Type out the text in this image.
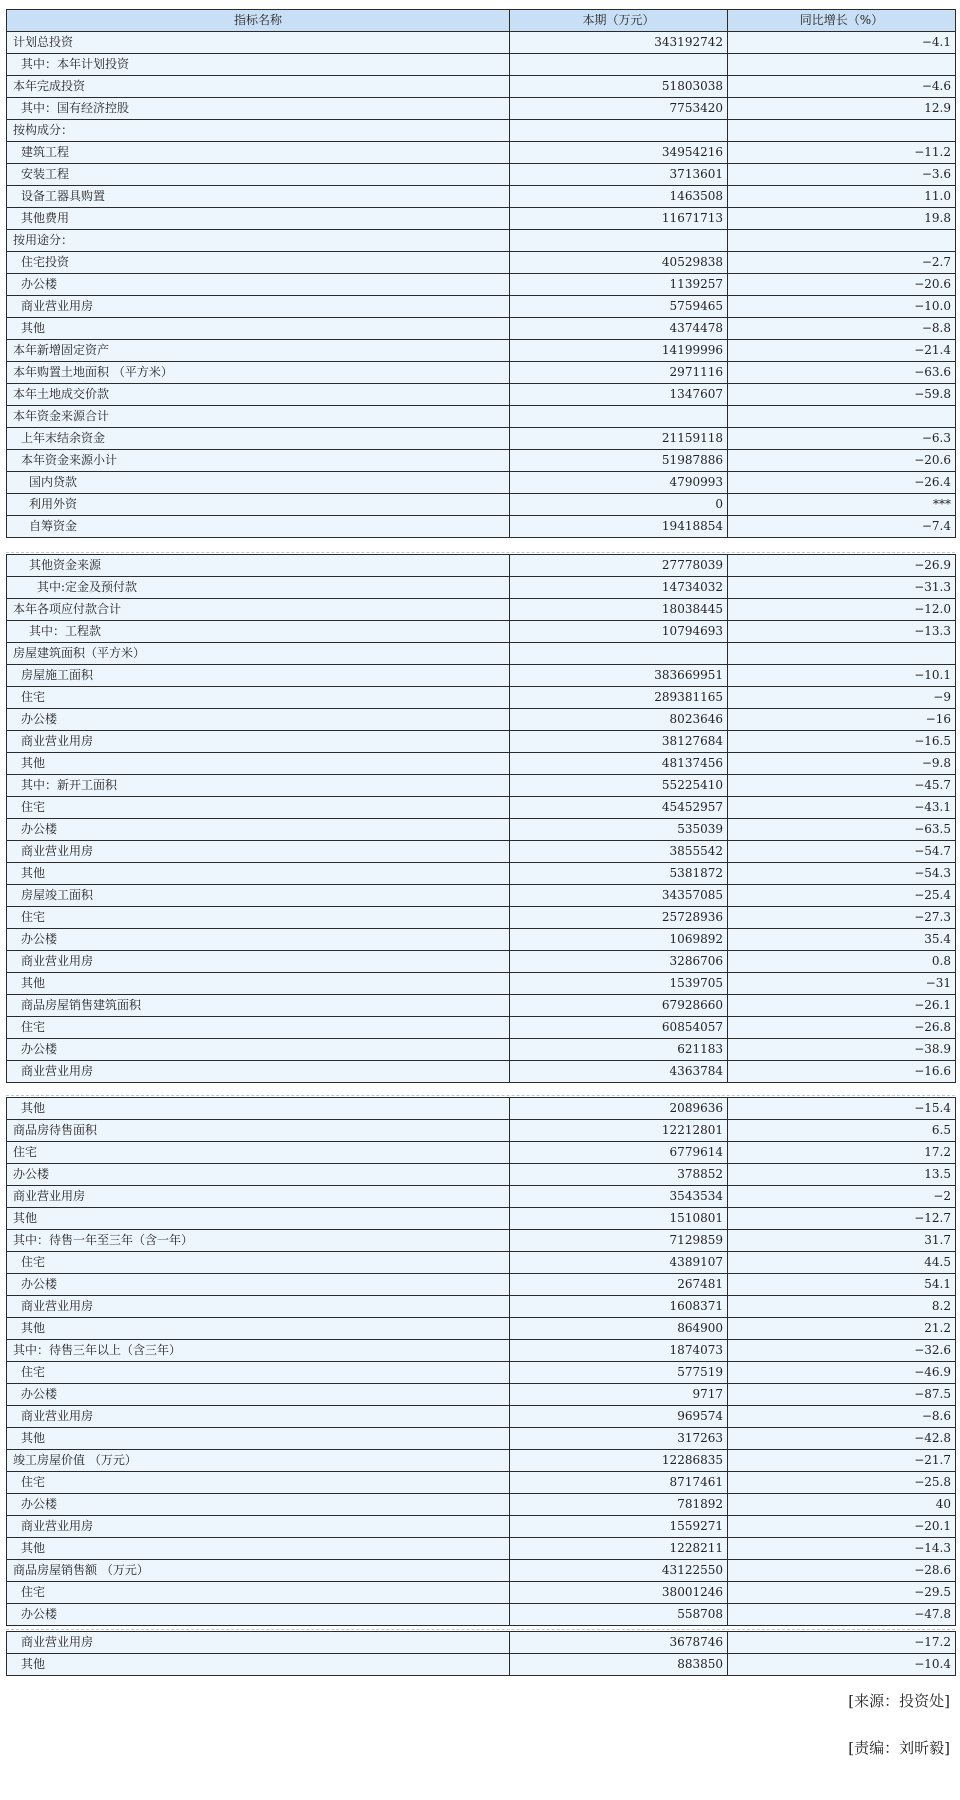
指标名称	本期（万元）	同比增长（%）
计划总投资	343192742	−4.1
其中：本年计划投资		
本年完成投资	51803038	−4.6
其中：国有经济控股	7753420	12.9
按构成分：		
建筑工程	34954216	−11.2
安装工程	3713601	−3.6
设备工器具购置	1463508	11.0
其他费用	11671713	19.8
按用途分：		
住宅投资	40529838	−2.7
办公楼	1139257	−20.6
商业营业用房	5759465	−10.0
其他	4374478	−8.8
本年新增固定资产	14199996	−21.4
本年购置土地面积 （平方米）	2971116	−63.6
本年土地成交价款	1347607	−59.8
本年资金来源合计		
上年末结余资金	21159118	−6.3
本年资金来源小计	51987886	−20.6
国内贷款	4790993	−26.4
利用外资	0	***
自筹资金	19418854	−7.4
其他资金来源	27778039	−26.9
其中:定金及预付款	14734032	−31.3
本年各项应付款合计	18038445	−12.0
其中：工程款	10794693	−13.3
房屋建筑面积（平方米）		
房屋施工面积	383669951	−10.1
住宅	289381165	−9
办公楼	8023646	−16
商业营业用房	38127684	−16.5
其他	48137456	−9.8
其中：新开工面积	55225410	−45.7
住宅	45452957	−43.1
办公楼	535039	−63.5
商业营业用房	3855542	−54.7
其他	5381872	−54.3
房屋竣工面积	34357085	−25.4
住宅	25728936	−27.3
办公楼	1069892	35.4
商业营业用房	3286706	0.8
其他	1539705	−31
商品房屋销售建筑面积	67928660	−26.1
住宅	60854057	−26.8
办公楼	621183	−38.9
商业营业用房	4363784	−16.6
其他	2089636	−15.4
商品房待售面积	12212801	6.5
住宅	6779614	17.2
办公楼	378852	13.5
商业营业用房	3543534	−2
其他	1510801	−12.7
其中：待售一年至三年（含一年）	7129859	31.7
住宅	4389107	44.5
办公楼	267481	54.1
商业营业用房	1608371	8.2
其他	864900	21.2
其中：待售三年以上（含三年）	1874073	−32.6
住宅	577519	−46.9
办公楼	9717	−87.5
商业营业用房	969574	−8.6
其他	317263	−42.8
竣工房屋价值 （万元）	12286835	−21.7
住宅	8717461	−25.8
办公楼	781892	40
商业营业用房	1559271	−20.1
其他	1228211	−14.3
商品房屋销售额 （万元）	43122550	−28.6
住宅	38001246	−29.5
办公楼	558708	−47.8
商业营业用房	3678746	−17.2
其他	883850	−10.4
[来源：投资处]
[责编：刘昕毅]
